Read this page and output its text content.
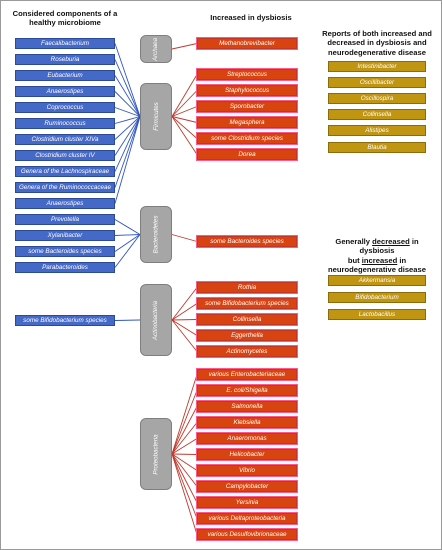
Considered components of a
healthy microbiome
Increased in dysbiosis
Reports of both increased and
decreased in dysbiosis and
neurodegenerative disease
Generally decreased in dysbiosis
but increased in
neurodegenerative disease
Faecalibacterium
Roseburia
Eubacterium
Anaerostipes
Coprococcus
Ruminococcus
Clostridium cluster XIVa
Clostridium cluster IV
Genera of the Lachnospiraceae
Genera of the Ruminococcaceae
Anaerostipes
Prevotella
Xylanibacter
some Bacteroides species
Parabacteroides
some Bifidobacterium species
Archaea
Firmicutes
Bacteroidetes
Actinobacteria
Proteobacteria
Methanobrevibacter
Streptococcus
Staphylococcus
Sporobacter
Megasphera
some Clostridium species
Dorea
some Bacteroides species
Rothia
some Bifidobacterium species
Collinsella
Eggerthella
Actinomycetes
various Enterobacteriaceae
E. coli/Shigella
Salmonella
Klebsiella
Anaeromonas
Helicobacter
Vibrio
Campylobacter
Yersinia
various Deltaproteobacteria
various Desulfovibrionaceae
Intestinibacter
Oscillibacter
Oscillospira
Collinsella
Alistipes
Blautia
Akkermansia
Bifidobacterium
Lactobacillus
